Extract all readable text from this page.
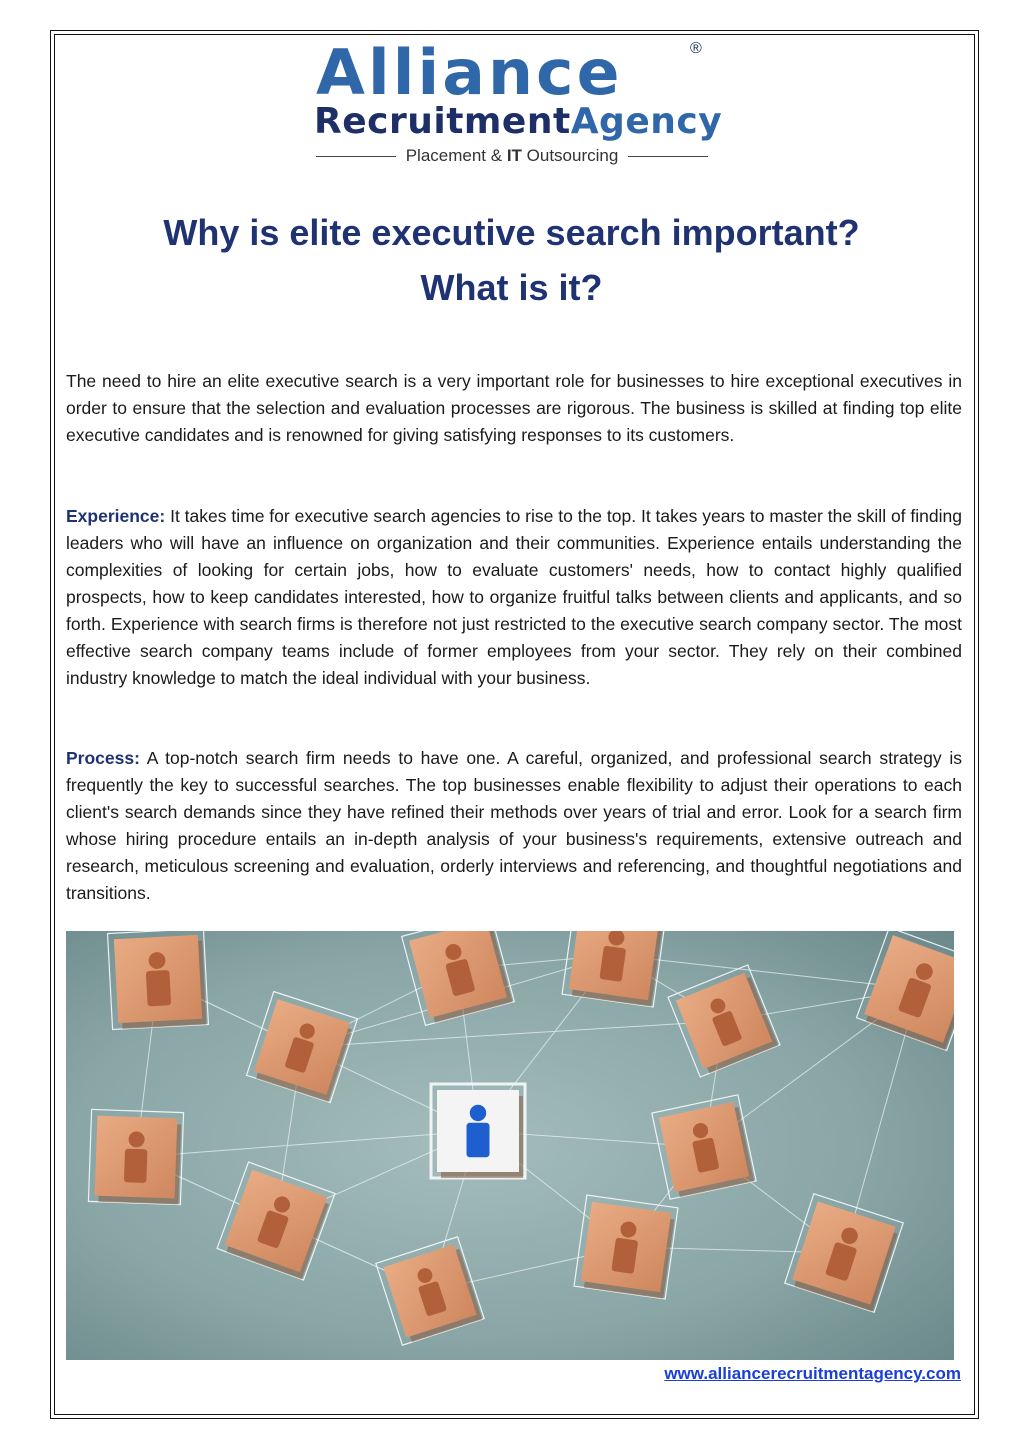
Alliance	®
RecruitmentAgency
Placement & IT Outsourcing
Why is elite executive search important?
What is it?

The need to hire an elite executive search is a very important role for businesses to hire exceptional executives in order to ensure that the selection and evaluation processes are rigorous. The business is skilled at finding top elite executive candidates and is renowned for giving satisfying responses to its customers.

Experience: It takes time for executive search agencies to rise to the top. It takes years to master the skill of finding leaders who will have an influence on organization and their communities. Experience entails understanding the complexities of looking for certain jobs, how to evaluate customers' needs, how to contact highly qualified prospects, how to keep candidates interested, how to organize fruitful talks between clients and applicants, and so forth. Experience with search firms is therefore not just restricted to the executive search company sector. The most effective search company teams include of former employees from your sector. They rely on their combined industry knowledge to match the ideal individual with your business.

Process: A top-notch search firm needs to have one. A careful, organized, and professional search strategy is frequently the key to successful searches. The top businesses enable flexibility to adjust their operations to each client's search demands since they have refined their methods over years of trial and error. Look for a search firm whose hiring procedure entails an in-depth analysis of your business's requirements, extensive outreach and research, meticulous screening and evaluation, orderly interviews and referencing, and thoughtful negotiations and transitions.

www.alliancerecruitmentagency.com
